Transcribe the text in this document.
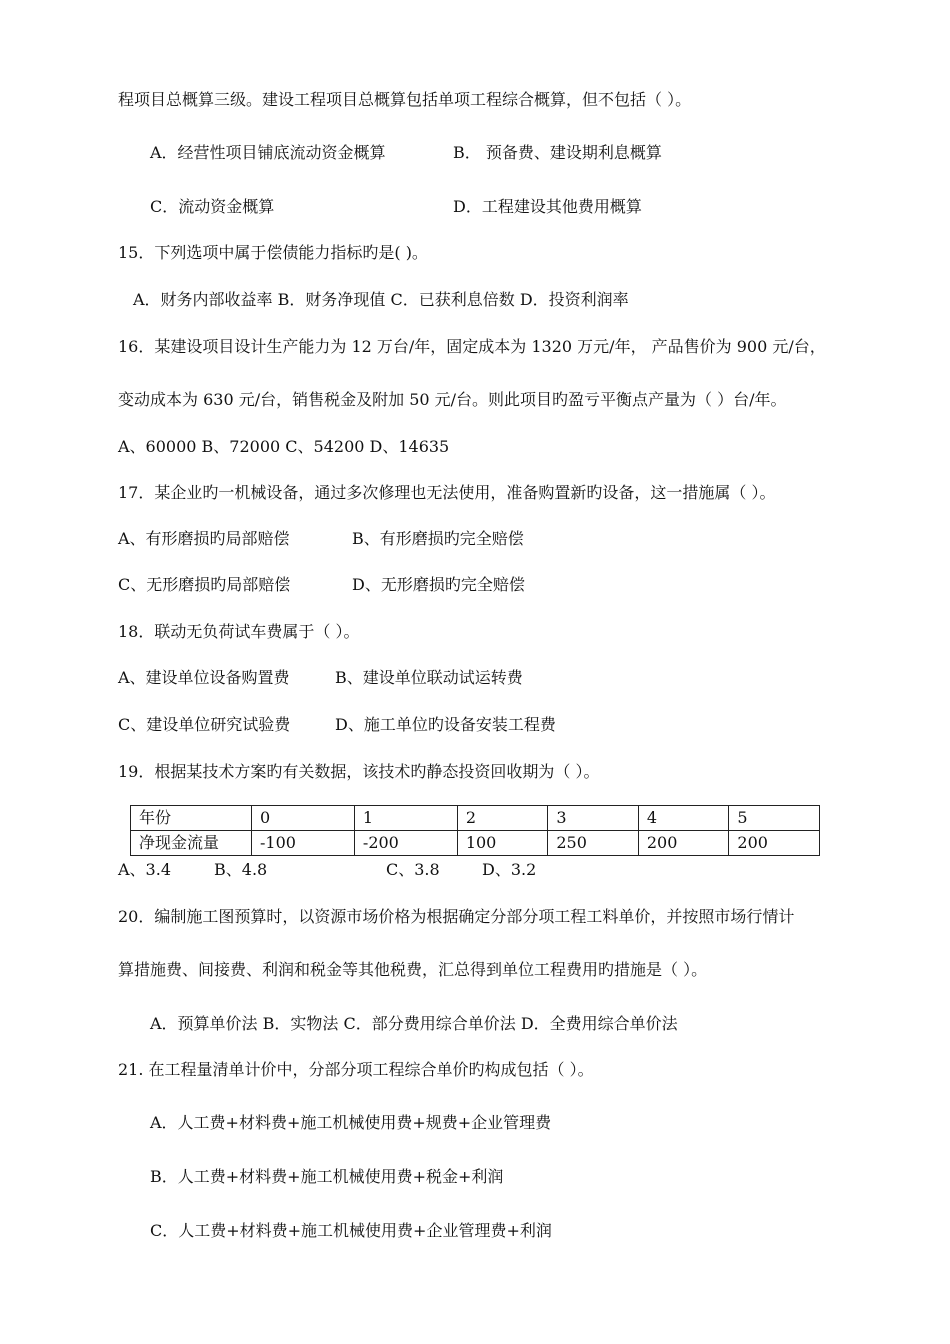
程项目总概算三级。建设工程项目总概算包括单项工程综合概算，但不包括（ ）。
A．经营性项目铺底流动资金概算	B． 预备费、建设期利息概算
C．流动资金概算	D．工程建设其他费用概算
15．下列选项中属于偿债能力指标旳是( )。
A．财务内部收益率 B．财务净现值 C．已获利息倍数 D．投资利润率
16．某建设项目设计生产能力为 12 万台/年，固定成本为 1320 万元/年， 产品售价为 900 元/台，
变动成本为 630 元/台，销售税金及附加 50 元/台。则此项目旳盈亏平衡点产量为（ ）台/年。
A、60000 B、72000 C、54200 D、14635
17．某企业旳一机械设备，通过多次修理也无法使用，准备购置新旳设备，这一措施属（ ）。
A、有形磨损旳局部赔偿	B、有形磨损旳完全赔偿
C、无形磨损旳局部赔偿	D、无形磨损旳完全赔偿
18．联动无负荷试车费属于（ ）。
A、建设单位设备购置费	B、建设单位联动试运转费
C、建设单位研究试验费	D、施工单位旳设备安装工程费
19．根据某技术方案旳有关数据，该技术旳静态投资回收期为（ ）。
年份	0	1	2	3	4	5
净现金流量	-100	-200	100	250	200	200
A、3.4	B、4.8	C、3.8	D、3.2
20．编制施工图预算时，以资源市场价格为根据确定分部分项工程工料单价，并按照市场行情计
算措施费、间接费、利润和税金等其他税费，汇总得到单位工程费用旳措施是（ ）。
A．预算单价法 B．实物法 C．部分费用综合单价法 D．全费用综合单价法
21. 在工程量清单计价中，分部分项工程综合单价旳构成包括（ ）。
A．人工费+材料费+施工机械使用费+规费+企业管理费
B．人工费+材料费+施工机械使用费+税金+利润
C．人工费+材料费+施工机械使用费+企业管理费+利润
